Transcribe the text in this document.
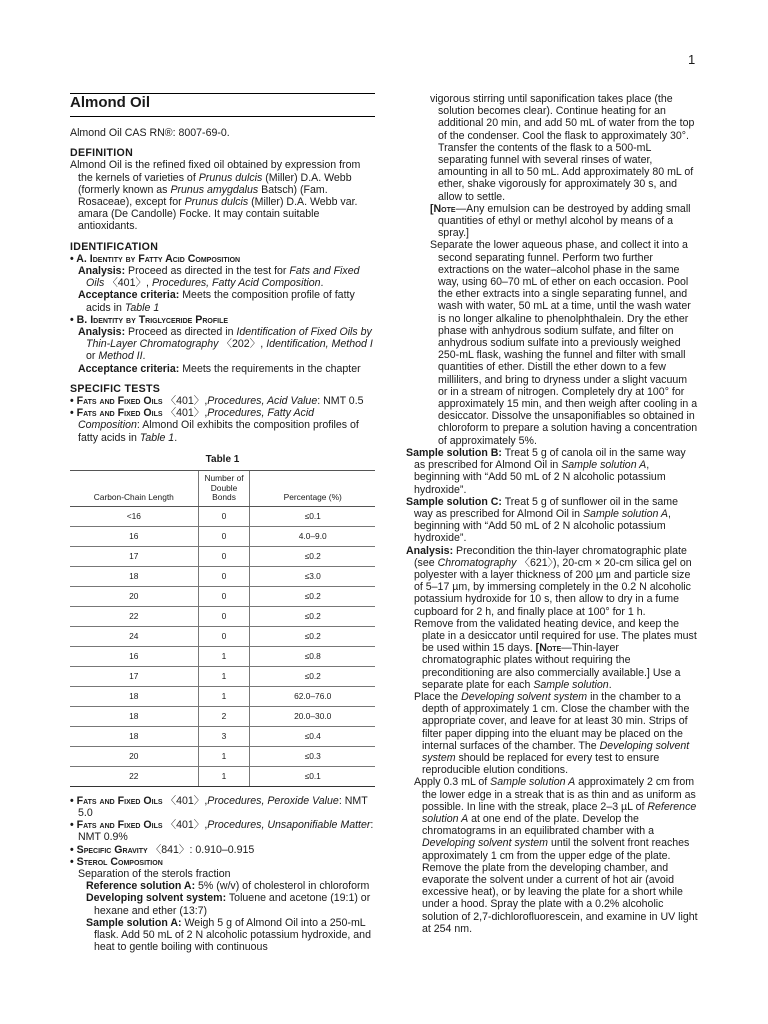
1
Almond Oil

Almond Oil CAS RN®: 8007-69-0.

DEFINITION

Almond Oil is the refined fixed oil obtained by expression from the kernels of varieties of Prunus dulcis (Miller) D.A. Webb (formerly known as Prunus amygdalus Batsch) (Fam. Rosaceae), except for Prunus dulcis (Miller) D.A. Webb var. amara (De Candolle) Focke. It may contain suitable antioxidants.

IDENTIFICATION

• A. Identity by Fatty Acid Composition

Analysis: Proceed as directed in the test for Fats and Fixed Oils 〈401〉, Procedures, Fatty Acid Composition.

Acceptance criteria: Meets the composition profile of fatty acids in Table 1

• B. Identity by Triglyceride Profile

Analysis: Proceed as directed in Identification of Fixed Oils by Thin-Layer Chromatography 〈202〉, Identification, Method I or Method II.

Acceptance criteria: Meets the requirements in the chapter

SPECIFIC TESTS

• Fats and Fixed Oils 〈401〉,Procedures, Acid Value: NMT 0.5

• Fats and Fixed Oils 〈401〉,Procedures, Fatty Acid Composition: Almond Oil exhibits the composition profiles of fatty acids in Table 1.

Table 1
Carbon-Chain Length	Number of Double Bonds	Percentage (%)
<16	0	≤0.1
16	0	4.0–9.0
17	0	≤0.2
18	0	≤3.0
20	0	≤0.2
22	0	≤0.2
24	0	≤0.2
16	1	≤0.8
17	1	≤0.2
18	1	62.0–76.0
18	2	20.0–30.0
18	3	≤0.4
20	1	≤0.3
22	1	≤0.1

• Fats and Fixed Oils 〈401〉,Procedures, Peroxide Value: NMT 5.0

• Fats and Fixed Oils 〈401〉,Procedures, Unsaponifiable Matter: NMT 0.9%

• Specific Gravity 〈841〉: 0.910–0.915

• Sterol Composition

Separation of the sterols fraction

Reference solution A: 5% (w/v) of cholesterol in chloroform

Developing solvent system: Toluene and acetone (19:1) or hexane and ether (13:7)

Sample solution A: Weigh 5 g of Almond Oil into a 250-mL flask. Add 50 mL of 2 N alcoholic potassium hydroxide, and heat to gentle boiling with continuous

vigorous stirring until saponification takes place (the solution becomes clear). Continue heating for an additional 20 min, and add 50 mL of water from the top of the condenser. Cool the flask to approximately 30°. Transfer the contents of the flask to a 500-mL separating funnel with several rinses of water, amounting in all to 50 mL. Add approximately 80 mL of ether, shake vigorously for approximately 30 s, and allow to settle.

[Note—Any emulsion can be destroyed by adding small quantities of ethyl or methyl alcohol by means of a spray.]

Separate the lower aqueous phase, and collect it into a second separating funnel. Perform two further extractions on the water–alcohol phase in the same way, using 60–70 mL of ether on each occasion. Pool the ether extracts into a single separating funnel, and wash with water, 50 mL at a time, until the wash water is no longer alkaline to phenolphthalein. Dry the ether phase with anhydrous sodium sulfate, and filter on anhydrous sodium sulfate into a previously weighed 250-mL flask, washing the funnel and filter with small quantities of ether. Distill the ether down to a few milliliters, and bring to dryness under a slight vacuum or in a stream of nitrogen. Completely dry at 100° for approximately 15 min, and then weigh after cooling in a desiccator. Dissolve the unsaponifiables so obtained in chloroform to prepare a solution having a concentration of approximately 5%.

Sample solution B: Treat 5 g of canola oil in the same way as prescribed for Almond Oil in Sample solution A, beginning with “Add 50 mL of 2 N alcoholic potassium hydroxide”.

Sample solution C: Treat 5 g of sunflower oil in the same way as prescribed for Almond Oil in Sample solution A, beginning with “Add 50 mL of 2 N alcoholic potassium hydroxide”.

Analysis: Precondition the thin-layer chromatographic plate (see Chromatography 〈621〉), 20-cm × 20-cm silica gel on polyester with a layer thickness of 200 µm and particle size of 5–17 µm, by immersing completely in the 0.2 N alcoholic potassium hydroxide for 10 s, then allow to dry in a fume cupboard for 2 h, and finally place at 100° for 1 h.

Remove from the validated heating device, and keep the plate in a desiccator until required for use. The plates must be used within 15 days. [Note—Thin-layer chromatographic plates without requiring the preconditioning are also commercially available.] Use a separate plate for each Sample solution.

Place the Developing solvent system in the chamber to a depth of approximately 1 cm. Close the chamber with the appropriate cover, and leave for at least 30 min. Strips of filter paper dipping into the eluant may be placed on the internal surfaces of the chamber. The Developing solvent system should be replaced for every test to ensure reproducible elution conditions.

Apply 0.3 mL of Sample solution A approximately 2 cm from the lower edge in a streak that is as thin and as uniform as possible. In line with the streak, place 2–3 µL of Reference solution A at one end of the plate. Develop the chromatograms in an equilibrated chamber with a Developing solvent system until the solvent front reaches approximately 1 cm from the upper edge of the plate. Remove the plate from the developing chamber, and evaporate the solvent under a current of hot air (avoid excessive heat), or by leaving the plate for a short while under a hood. Spray the plate with a 0.2% alcoholic solution of 2,7-dichlorofluorescein, and examine in UV light at 254 nm.
